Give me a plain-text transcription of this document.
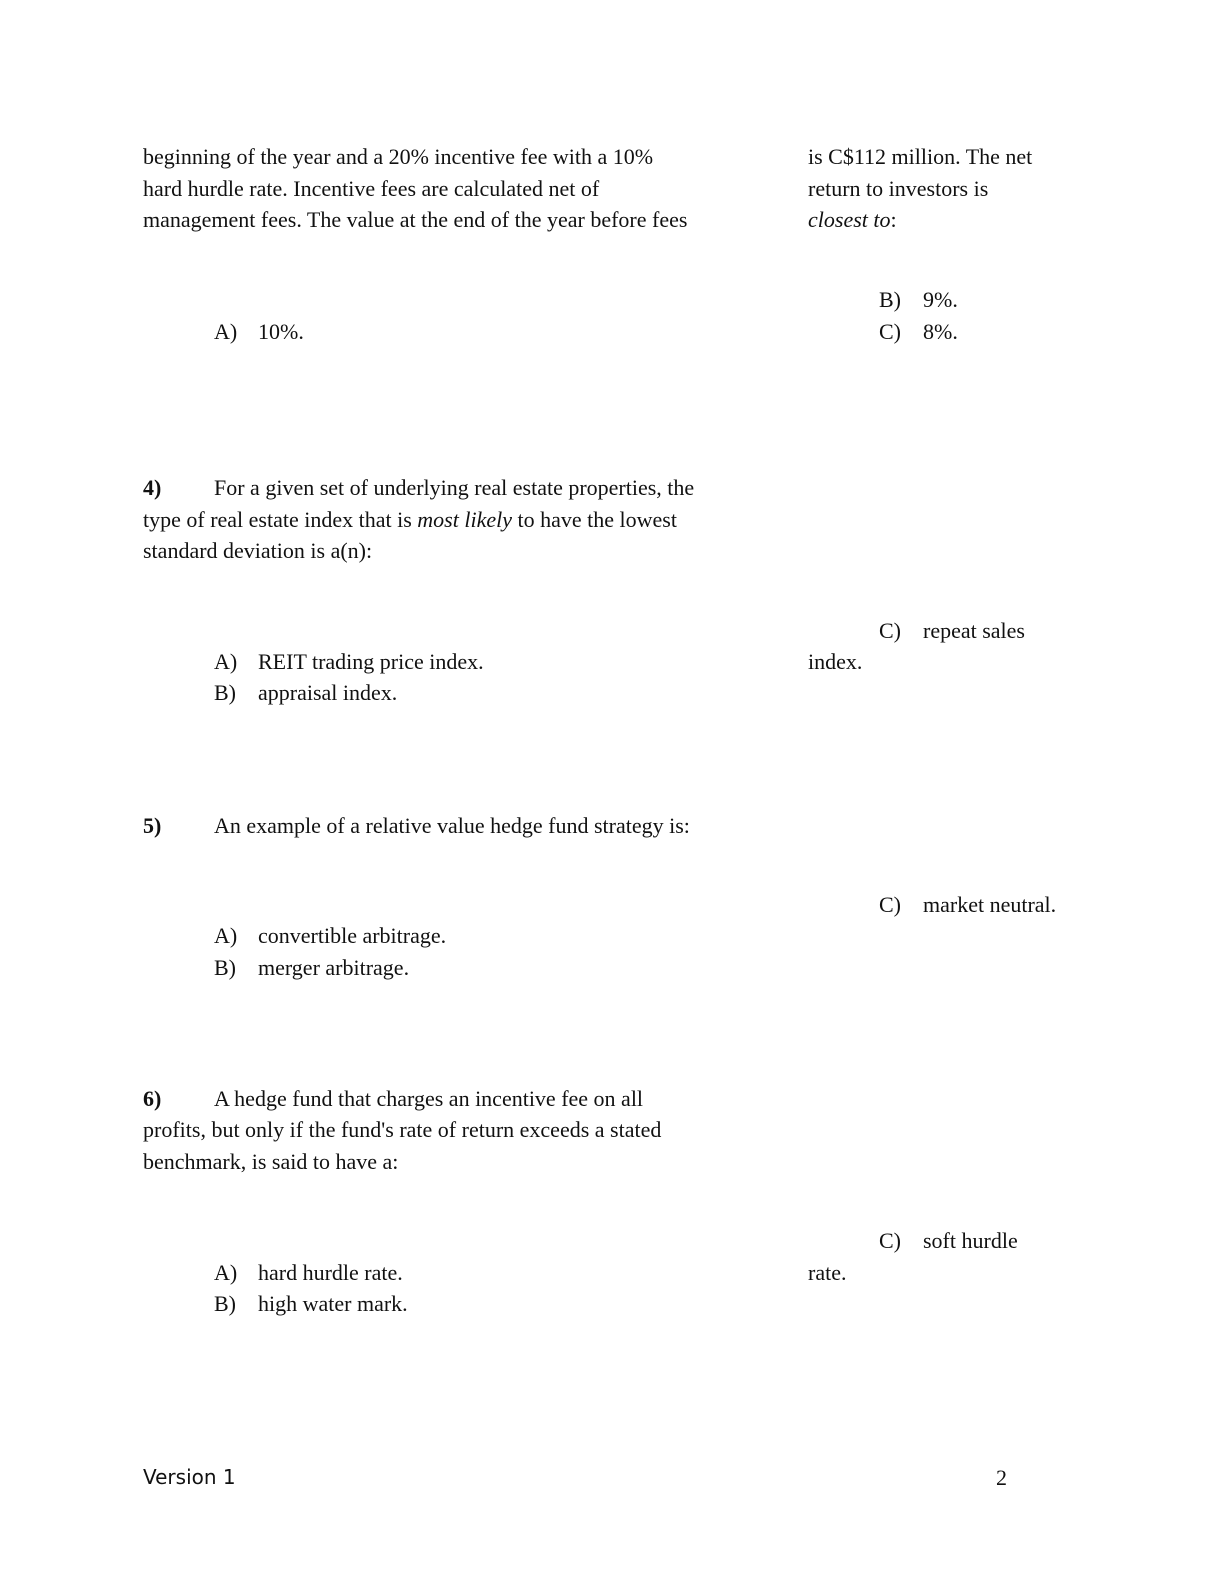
beginning of the year and a 20% incentive fee with a 10%
hard hurdle rate. Incentive fees are calculated net of
management fees. The value at the end of the year before fees
is C$112 million. The net
return to investors is
closest to:
A) 10%.
B) 9%.
C) 8%.
4) For a given set of underlying real estate properties, the
type of real estate index that is most likely to have the lowest
standard deviation is a(n):
A) REIT trading price index.
B) appraisal index.
C) repeat sales
index.
5) An example of a relative value hedge fund strategy is:
A) convertible arbitrage.
B) merger arbitrage.
C) market neutral.
6) A hedge fund that charges an incentive fee on all
profits, but only if the fund's rate of return exceeds a stated
benchmark, is said to have a:
A) hard hurdle rate.
B) high water mark.
C) soft hurdle
rate.
Version 1	2
